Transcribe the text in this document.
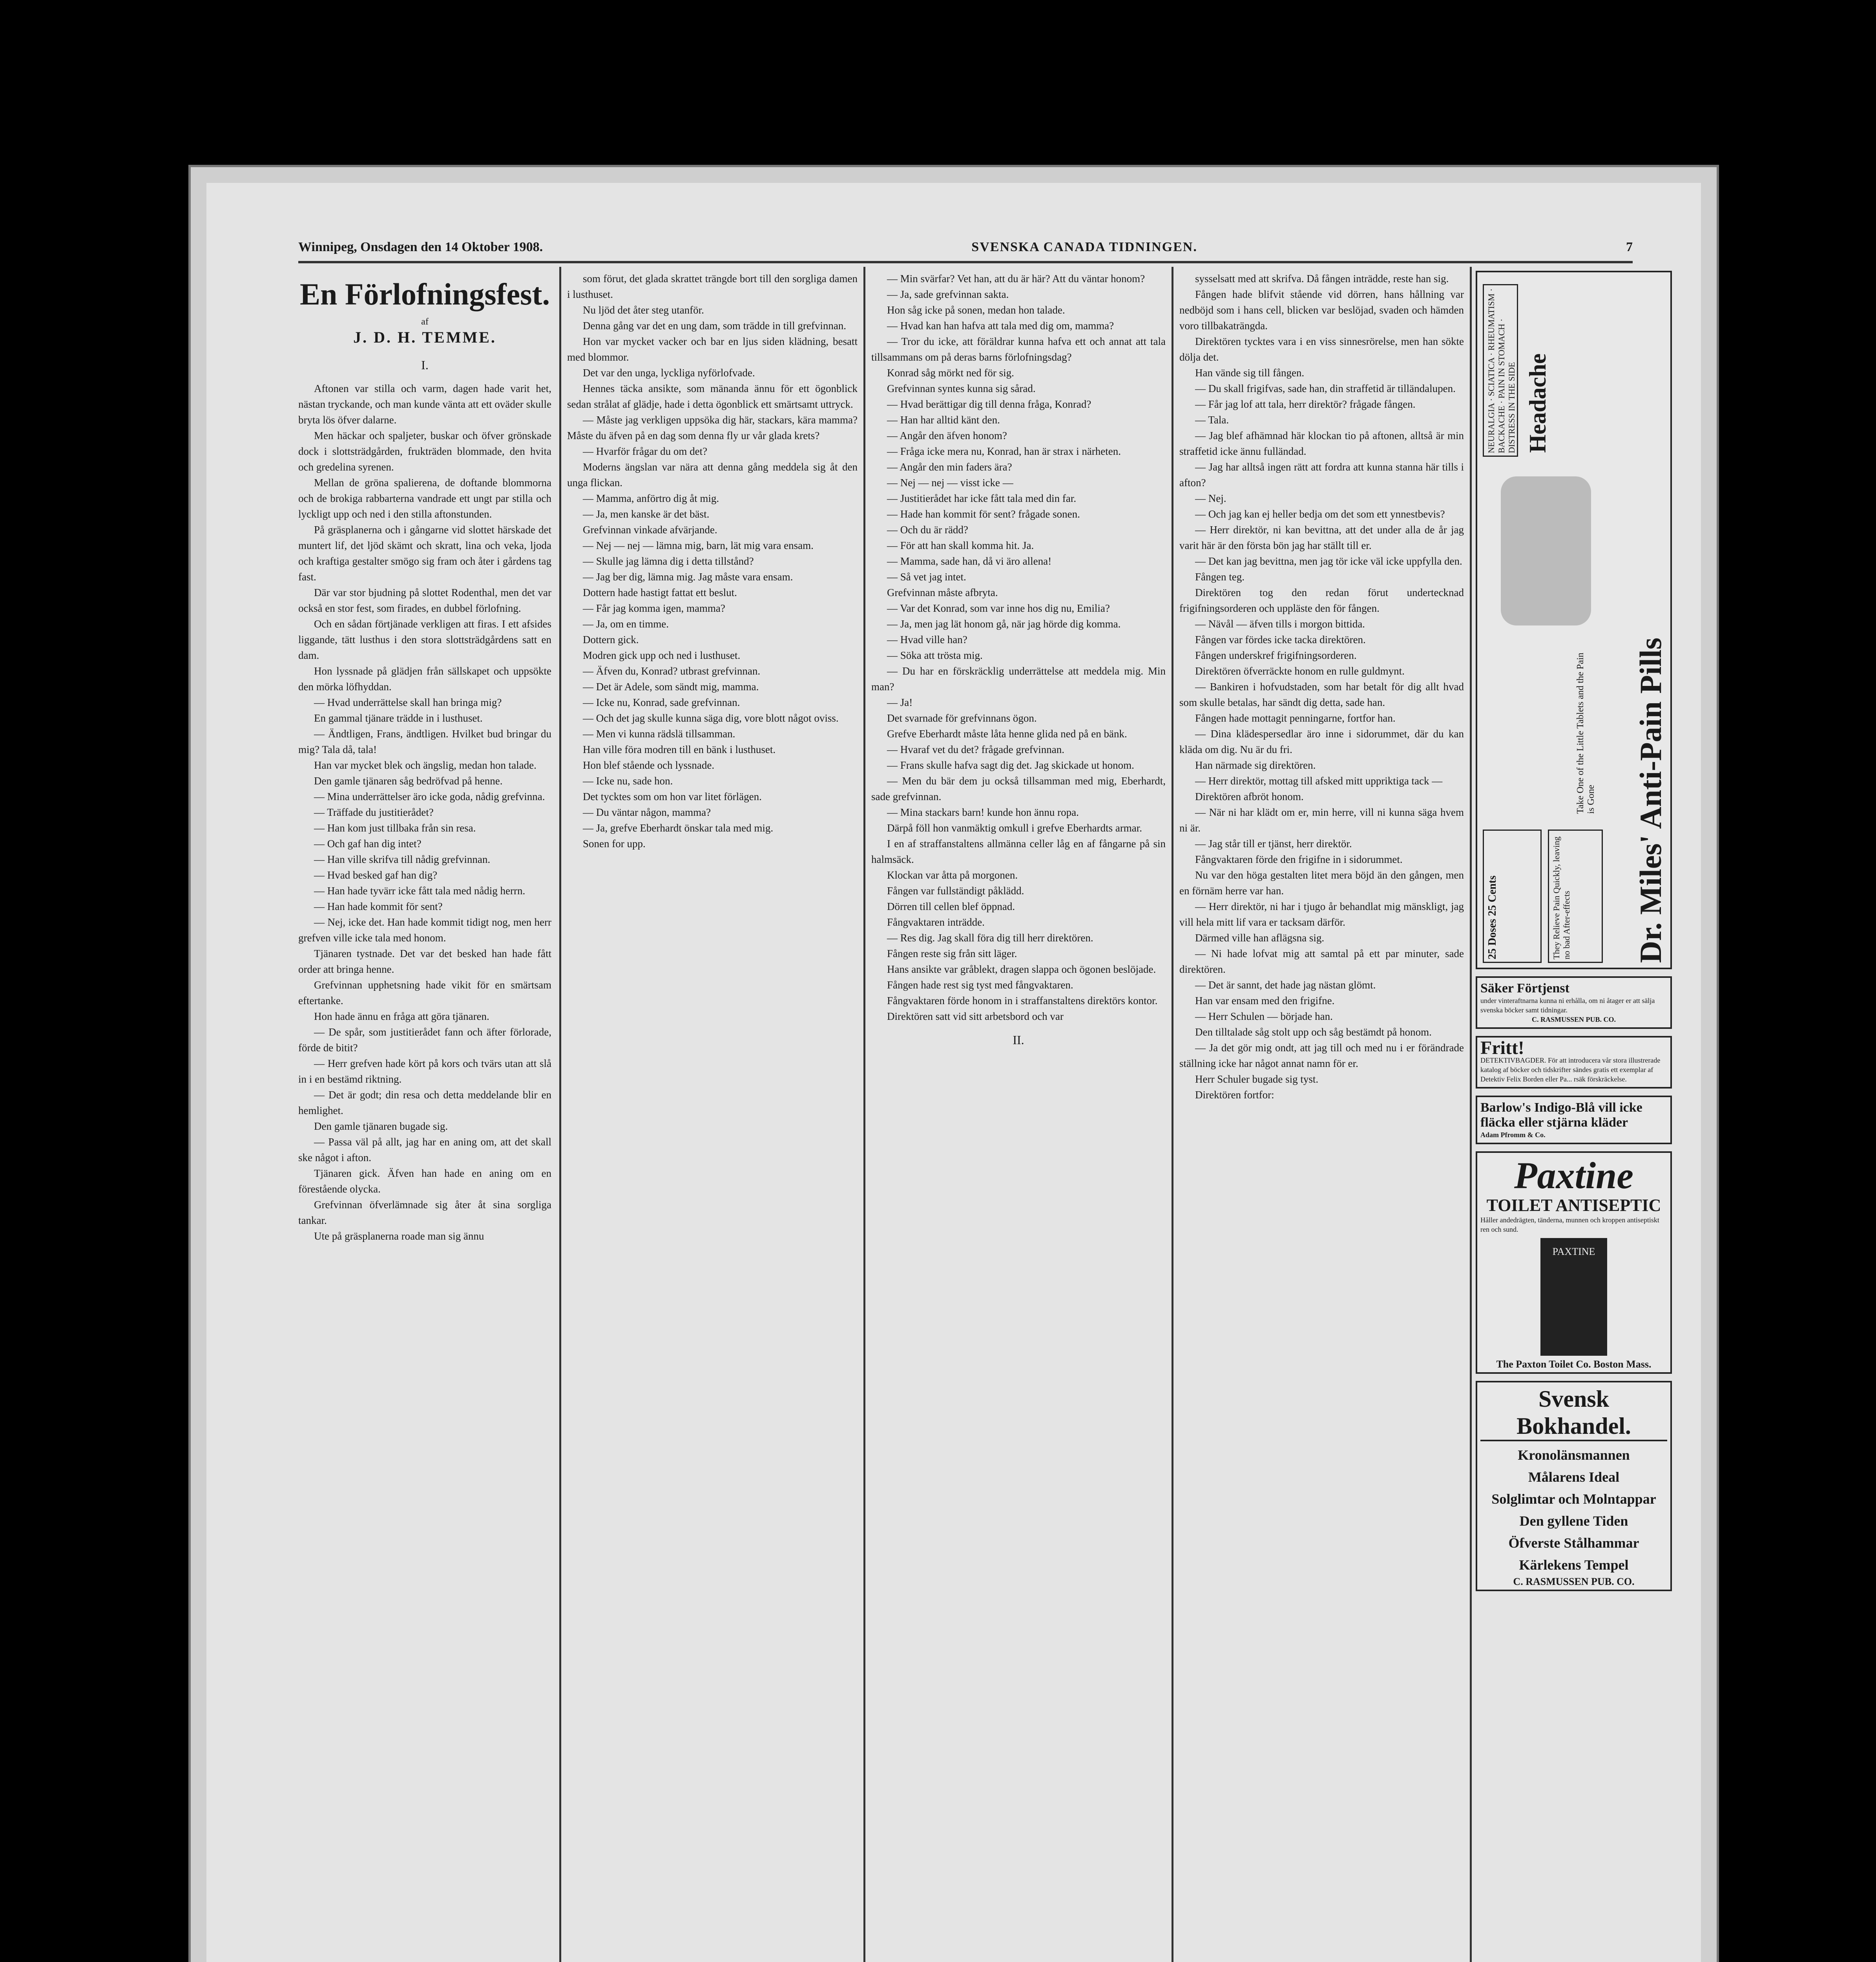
Winnipeg, Onsdagen den 14 Oktober 1908.	SVENSKA CANADA TIDNINGEN.	7
En Förlofningsfest.
af
J. D. H. TEMME.
I.

Aftonen var stilla och varm, dagen hade varit het, nästan tryckande, och man kunde vänta att ett oväder skulle bryta lös öfver dalarne.

Men häckar och spaljeter, buskar och öfver grönskade dock i slottsträdgården, frukträden blommade, den hvita och gredelina syrenen.

Mellan de gröna spalierena, de doftande blommorna och de brokiga rabbarterna vandrade ett ungt par stilla och lyckligt upp och ned i den stilla aftonstunden.

På gräsplanerna och i gångarne vid slottet härskade det muntert lif, det ljöd skämt och skratt, lina och veka, ljoda och kraftiga gestalter smögo sig fram och åter i gårdens tag fast.

Där var stor bjudning på slottet Rodenthal, men det var också en stor fest, som firades, en dubbel förlofning.

Och en sådan förtjänade verkligen att firas. I ett afsides liggande, tätt lusthus i den stora slottsträdgårdens satt en dam.

Hon lyssnade på glädjen från sällskapet och uppsökte den mörka löfhyddan.

— Hvad underrättelse skall han bringa mig?

En gammal tjänare trädde in i lusthuset.

— Ändtligen, Frans, ändtligen. Hvilket bud bringar du mig? Tala då, tala!

Han var mycket blek och ängslig, medan hon talade.

Den gamle tjänaren såg bedröfvad på henne.

— Mina underrättelser äro icke goda, nådig grefvinna.

— Träffade du justitierådet?

— Han kom just tillbaka från sin resa.

— Och gaf han dig intet?

— Han ville skrifva till nådig grefvinnan.

— Hvad besked gaf han dig?

— Han hade tyvärr icke fått tala med nådig herrn.

— Han hade kommit för sent?

— Nej, icke det. Han hade kommit tidigt nog, men herr grefven ville icke tala med honom.

Tjänaren tystnade. Det var det besked han hade fått order att bringa henne.

Grefvinnan upphetsning hade vikit för en smärtsam eftertanke.

Hon hade ännu en fråga att göra tjänaren.

— De spår, som justitierådet fann och äfter förlorade, förde de bitit?

— Herr grefven hade kört på kors och tvärs utan att slå in i en bestämd riktning.

— Det är godt; din resa och detta meddelande blir en hemlighet.

Den gamle tjänaren bugade sig.

— Passa väl på allt, jag har en aning om, att det skall ske något i afton.

Tjänaren gick. Äfven han hade en aning om en förestående olycka.

Grefvinnan öfverlämnade sig åter åt sina sorgliga tankar.

Ute på gräsplanerna roade man sig ännu

som förut, det glada skrattet trängde bort till den sorgliga damen i lusthuset.

Nu ljöd det åter steg utanför.

Denna gång var det en ung dam, som trädde in till grefvinnan.

Hon var mycket vacker och bar en ljus siden klädning, besatt med blommor.

Det var den unga, lyckliga nyförlofvade.

Hennes täcka ansikte, som mänanda ännu för ett ögonblick sedan strålat af glädje, hade i detta ögonblick ett smärtsamt uttryck.

— Måste jag verkligen uppsöka dig här, stackars, kära mamma? Måste du äfven på en dag som denna fly ur vår glada krets?

— Hvarför frågar du om det?

Moderns ängslan var nära att denna gång meddela sig åt den unga flickan.

— Mamma, anförtro dig åt mig.

— Ja, men kanske är det bäst.

Grefvinnan vinkade afvärjande.

— Nej — nej — lämna mig, barn, lät mig vara ensam.

— Skulle jag lämna dig i detta tillstånd?

— Jag ber dig, lämna mig. Jag måste vara ensam.

Dottern hade hastigt fattat ett beslut.

— Får jag komma igen, mamma?

— Ja, om en timme.

Dottern gick.

Modren gick upp och ned i lusthuset.

— Äfven du, Konrad? utbrast grefvinnan.

— Det är Adele, som sändt mig, mamma.

— Icke nu, Konrad, sade grefvinnan.

— Och det jag skulle kunna säga dig, vore blott något oviss.

— Men vi kunna rädslä tillsamman.

Han ville föra modren till en bänk i lusthuset.

Hon blef stående och lyssnade.

— Icke nu, sade hon.

Det tycktes som om hon var litet förlägen.

— Du väntar någon, mamma?

— Ja, grefve Eberhardt önskar tala med mig.

Sonen for upp.

— Min svärfar? Vet han, att du är här? Att du väntar honom?

— Ja, sade grefvinnan sakta.

Hon såg icke på sonen, medan hon talade.

— Hvad kan han hafva att tala med dig om, mamma?

— Tror du icke, att föräldrar kunna hafva ett och annat att tala tillsammans om på deras barns förlofningsdag?

Konrad såg mörkt ned för sig.

Grefvinnan syntes kunna sig sårad.

— Hvad berättigar dig till denna fråga, Konrad?

— Han har alltid känt den.

— Angår den äfven honom?

— Fråga icke mera nu, Konrad, han är strax i närheten.

— Angår den min faders ära?

— Nej — nej — visst icke —

— Justitierådet har icke fått tala med din far.

— Hade han kommit för sent? frågade sonen.

— Och du är rädd?

— För att han skall komma hit. Ja.

— Mamma, sade han, då vi äro allena!

— Så vet jag intet.

Grefvinnan måste afbryta.

— Var det Konrad, som var inne hos dig nu, Emilia?

— Ja, men jag lät honom gå, när jag hörde dig komma.

— Hvad ville han?

— Söka att trösta mig.

— Du har en förskräcklig underrättelse att meddela mig. Min man?

— Ja!

Det svarnade för grefvinnans ögon.

Grefve Eberhardt måste låta henne glida ned på en bänk.

— Hvaraf vet du det? frågade grefvinnan.

— Frans skulle hafva sagt dig det. Jag skickade ut honom.

— Men du bär dem ju också tillsamman med mig, Eberhardt, sade grefvinnan.

— Mina stackars barn! kunde hon ännu ropa.

Därpå föll hon vanmäktig omkull i grefve Eberhardts armar.

I en af straffanstaltens allmänna celler låg en af fångarne på sin halmsäck.

Klockan var åtta på morgonen.

Fången var fullständigt påklädd.

Dörren till cellen blef öppnad.

Fångvaktaren inträdde.

— Res dig. Jag skall föra dig till herr direktören.

Fången reste sig från sitt läger.

Hans ansikte var gråblekt, dragen slappa och ögonen beslöjade.

Fången hade rest sig tyst med fångvaktaren.

Fångvaktaren förde honom in i straffanstaltens direktörs kontor.

Direktören satt vid sitt arbetsbord och var

II.

sysselsatt med att skrifva. Då fången inträdde, reste han sig.

Fången hade blifvit stående vid dörren, hans hållning var nedböjd som i hans cell, blicken var beslöjad, svaden och hämden voro tillbakaträngda.

Direktören tycktes vara i en viss sinnesrörelse, men han sökte dölja det.

Han vände sig till fången.

— Du skall frigifvas, sade han, din straffetid är tilländalupen.

— Får jag lof att tala, herr direktör? frågade fången.

— Tala.

— Jag blef afhämnad här klockan tio på aftonen, alltså är min straffetid icke ännu fulländad.

— Jag har alltså ingen rätt att fordra att kunna stanna här tills i afton?

— Nej.

— Och jag kan ej heller bedja om det som ett ynnestbevis?

— Herr direktör, ni kan bevittna, att det under alla de år jag varit här är den första bön jag har ställt till er.

— Det kan jag bevittna, men jag tör icke väl icke uppfylla den.

Fången teg.

Direktören tog den redan förut undertecknad frigifningsorderen och uppläste den för fången.

— Nävål — äfven tills i morgon bittida.

Fången var fördes icke tacka direktören.

Fången underskref frigifningsorderen.

Direktören öfverräckte honom en rulle guldmynt.

— Bankiren i hofvudstaden, som har betalt för dig allt hvad som skulle betalas, har sändt dig detta, sade han.

Fången hade mottagit penningarne, fortfor han.

— Dina klädespersedlar äro inne i sidorummet, där du kan kläda om dig. Nu är du fri.

Han närmade sig direktören.

— Herr direktör, mottag till afsked mitt uppriktiga tack —

Direktören afbröt honom.

— När ni har klädt om er, min herre, vill ni kunna säga hvem ni är.

— Jag står till er tjänst, herr direktör.

Fångvaktaren förde den frigifne in i sidorummet.

Nu var den höga gestalten litet mera böjd än den gången, men en förnäm herre var han.

— Herr direktör, ni har i tjugo år behandlat mig mänskligt, jag vill hela mitt lif vara er tacksam därför.

Därmed ville han aflägsna sig.

— Ni hade lofvat mig att samtal på ett par minuter, sade direktören.

— Det är sannt, det hade jag nästan glömt.

Han var ensam med den frigifne.

— Herr Schulen — började han.

Den tilltalade såg stolt upp och såg bestämdt på honom.

— Ja det gör mig ondt, att jag till och med nu i er förändrade ställning icke har något annat namn för er.

Herr Schuler bugade sig tyst.

Direktören fortfor:

NEURALGIA · SCIATICA · RHEUMATISM · BACKACHE · PAIN IN STOMACH · DISTRESS IN THE SIDE
Dr. Miles' Anti-Pain Pills
Headache
Take One of the Little Tablets and the Pain is Gone
25 Doses 25 Cents	They Relieve Pain Quickly, leaving no bad After-effects
Säker Förtjenst
under vinteraftnarna kunna ni erhålla, om ni åtager er att sälja svenska böcker samt tidningar.
C. RASMUSSEN PUB. CO.
Fritt!
DETEKTIVBAGDER. För att introducera vår stora illustrerade katalog af böcker och tidskrifter sändes gratis ett exemplar af Detektiv Felix Borden eller Pa... rsäk förskräckelse.
Barlow's Indigo-Blå vill icke fläcka eller stjärna kläder
Adam Pfromm & Co.
Paxtine
TOILET ANTISEPTIC
Håller andedrägten, tänderna, munnen och kroppen antiseptiskt ren och sund.
PAXTINE
The Paxton Toilet Co. Boston Mass.
Svensk Bokhandel.
Kronolänsmannen
Målarens Ideal
Solglimtar och Molntappar
Den gyllene Tiden
Öfverste Stålhammar
Kärlekens Tempel
C. RASMUSSEN PUB. CO.
